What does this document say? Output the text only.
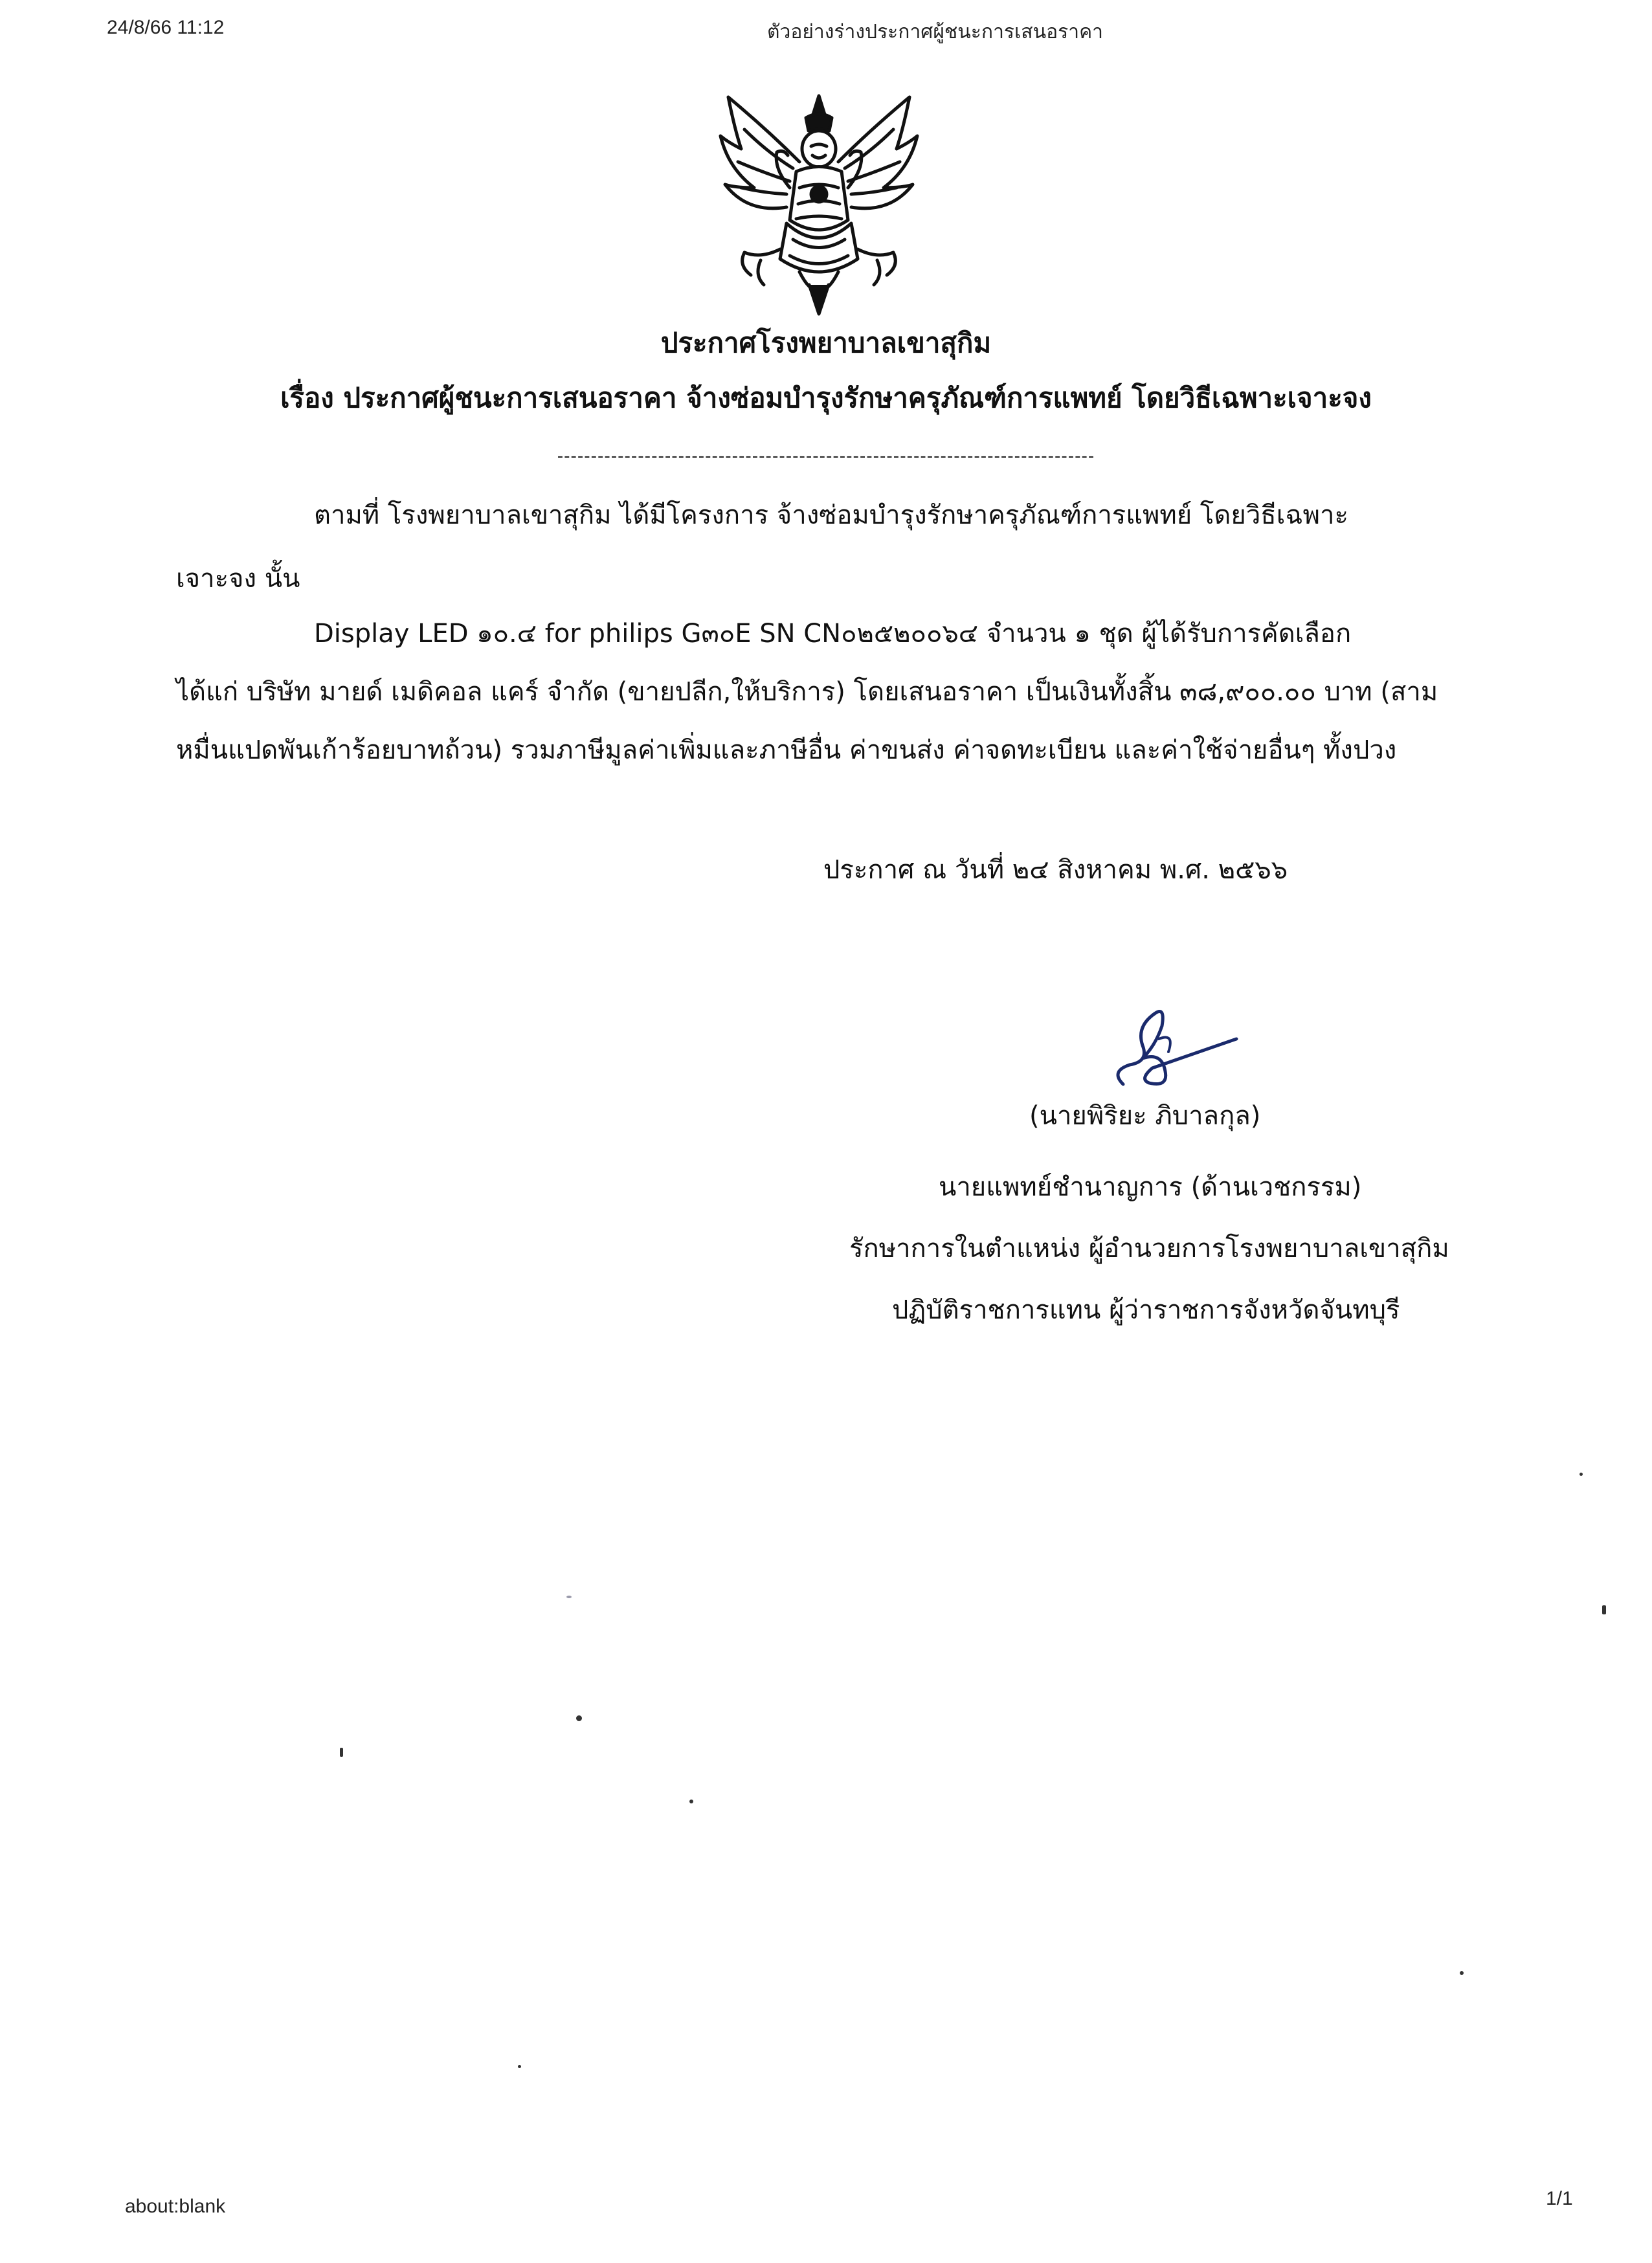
24/8/66 11:12	ตัวอย่างร่างประกาศผู้ชนะการเสนอราคา
ประกาศโรงพยาบาลเขาสุกิม
เรื่อง ประกาศผู้ชนะการเสนอราคา จ้างซ่อมบำรุงรักษาครุภัณฑ์การแพทย์ โดยวิธีเฉพาะเจาะจง
--------------------------------------------------------------------------------
ตามที่ โรงพยาบาลเขาสุกิม ได้มีโครงการ จ้างซ่อมบำรุงรักษาครุภัณฑ์การแพทย์ โดยวิธีเฉพาะ
เจาะจง นั้น
Display LED ๑๐.๔ for philips G๓๐E SN CN๐๒๕๒๐๐๖๔ จำนวน ๑ ชุด ผู้ได้รับการคัดเลือก
ได้แก่ บริษัท มายด์ เมดิคอล แคร์ จำกัด (ขายปลีก,ให้บริการ) โดยเสนอราคา เป็นเงินทั้งสิ้น ๓๘,๙๐๐.๐๐ บาท (สาม
หมื่นแปดพันเก้าร้อยบาทถ้วน) รวมภาษีมูลค่าเพิ่มและภาษีอื่น ค่าขนส่ง ค่าจดทะเบียน และค่าใช้จ่ายอื่นๆ ทั้งปวง
ประกาศ ณ วันที่ ๒๔ สิงหาคม พ.ศ. ๒๕๖๖
(นายพิริยะ ภิบาลกุล)
นายแพทย์ชำนาญการ (ด้านเวชกรรม)
รักษาการในตำแหน่ง ผู้อำนวยการโรงพยาบาลเขาสุกิม
ปฏิบัติราชการแทน ผู้ว่าราชการจังหวัดจันทบุรี
about:blank	1/1
